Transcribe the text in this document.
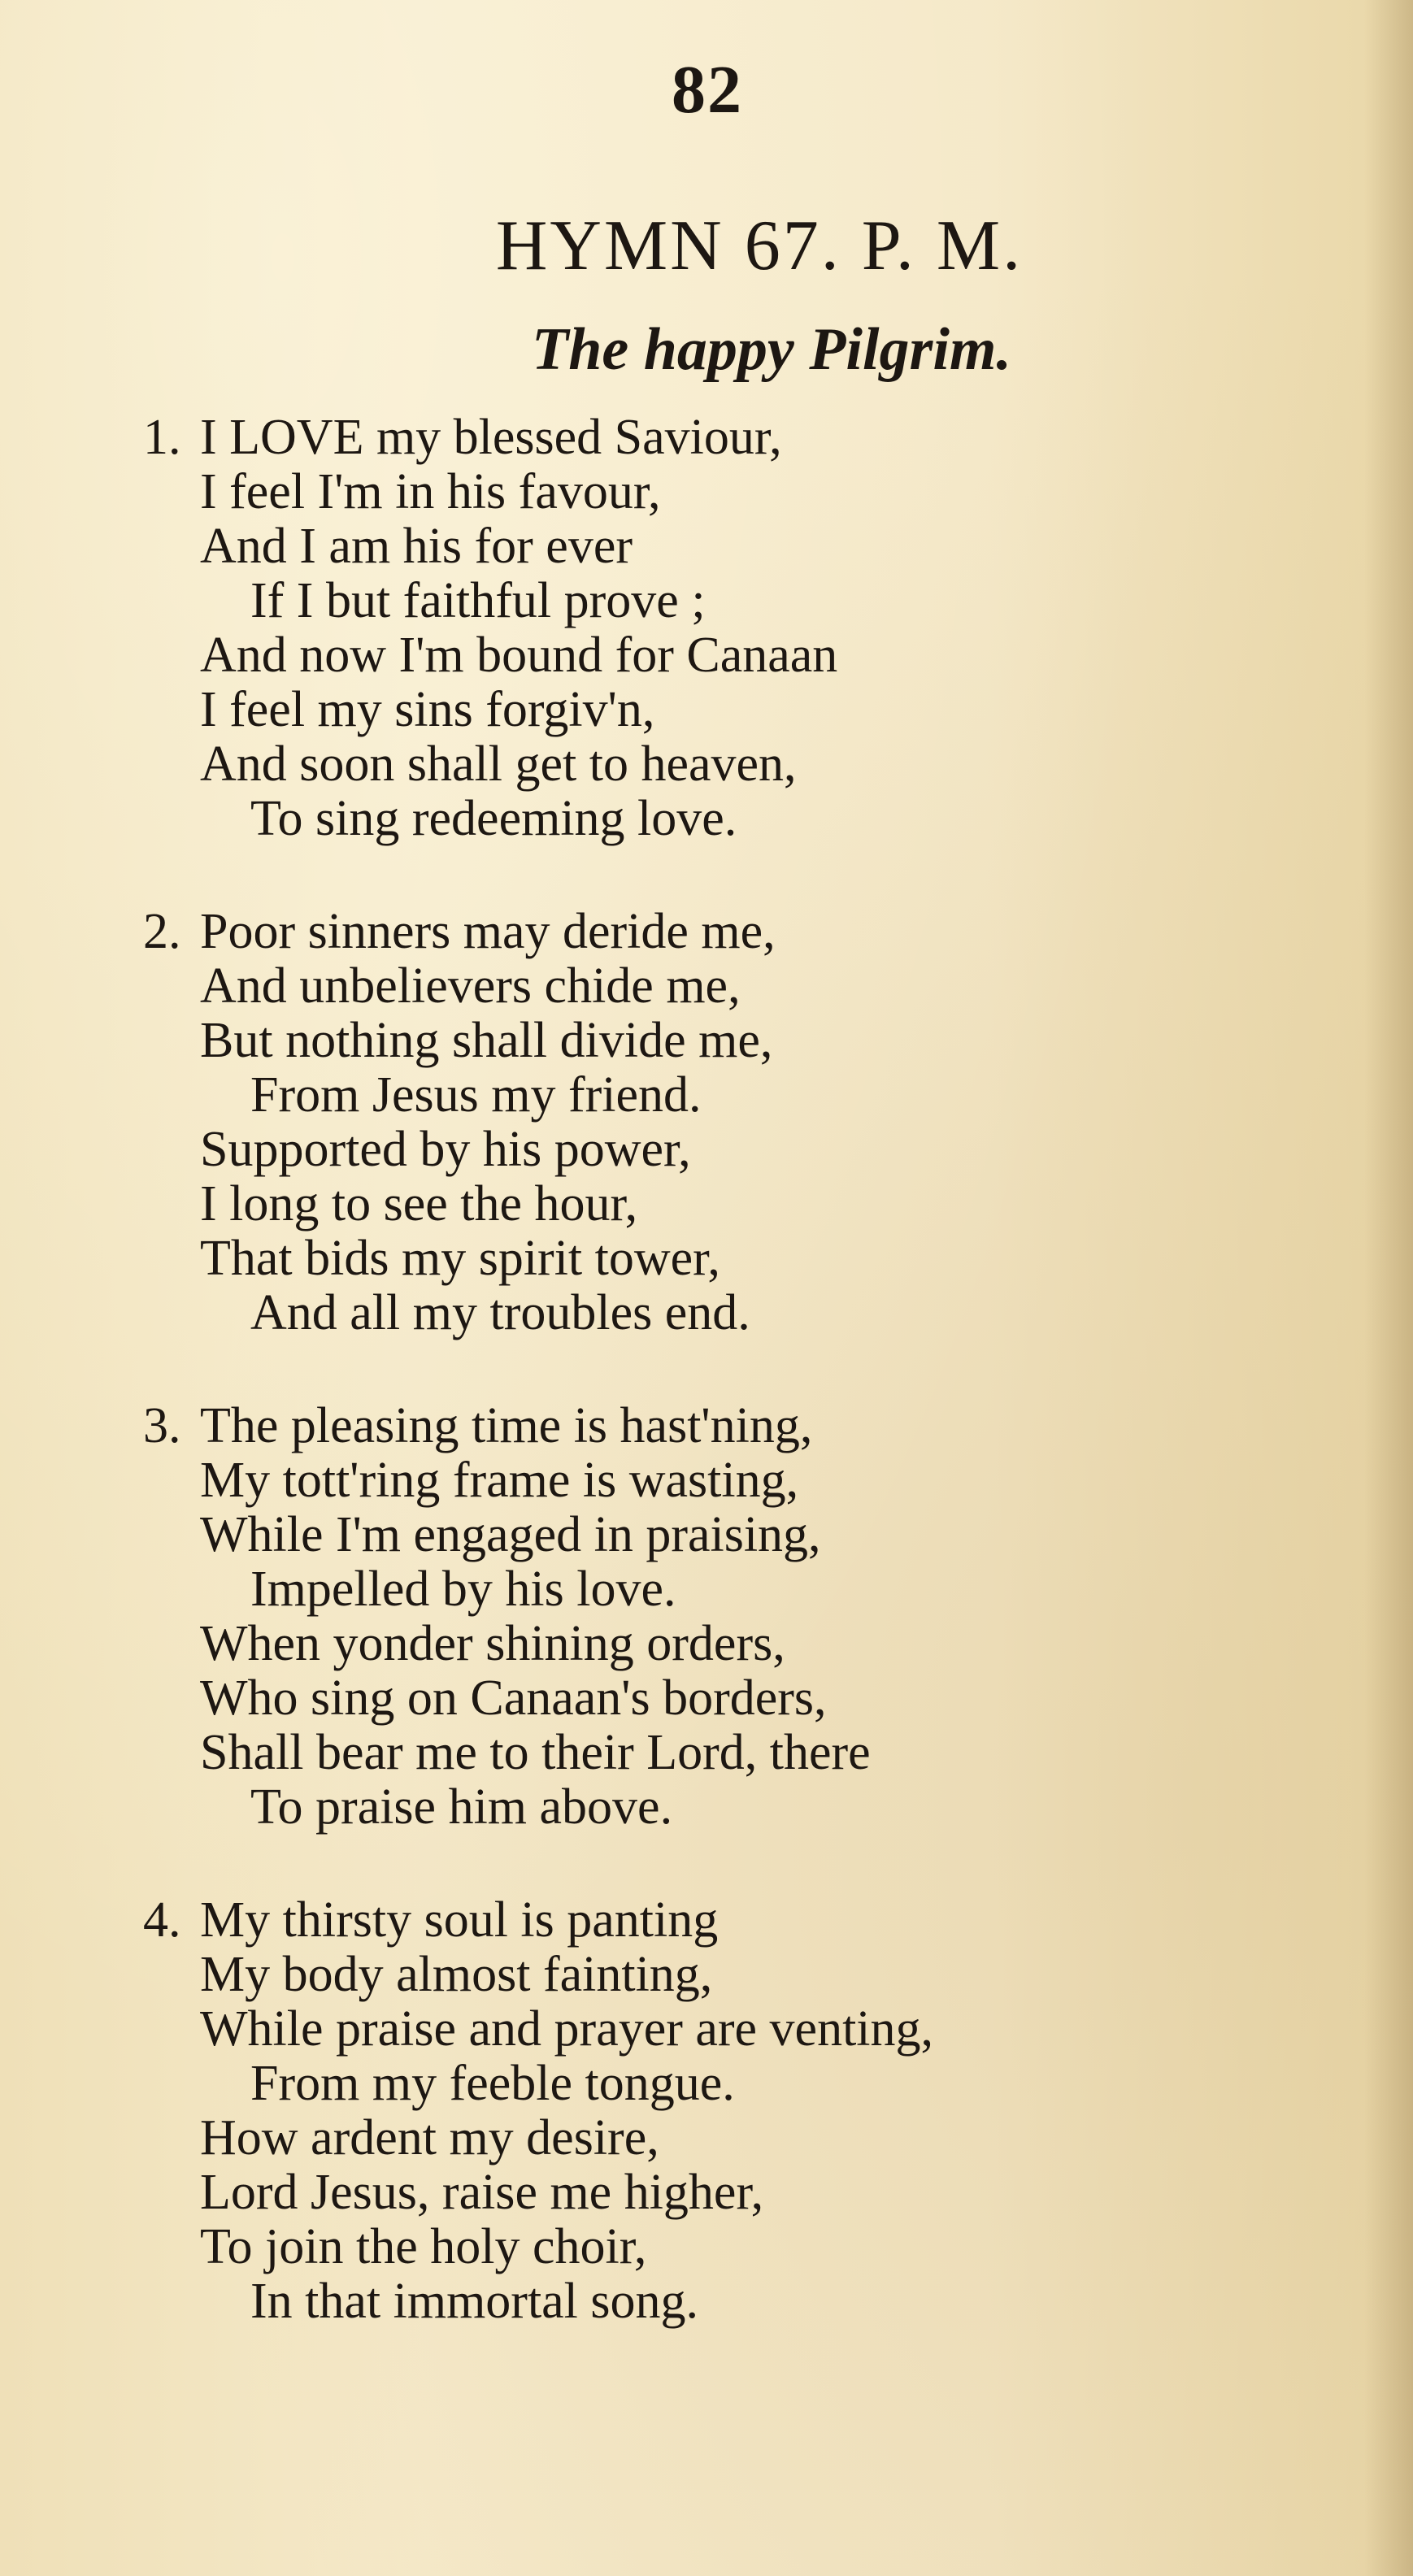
82
HYMN 67. P. M.
The happy Pilgrim.
1. I LOVE my blessed Saviour,
I feel I'm in his favour,
And I am his for ever
If I but faithful prove ;
And now I'm bound for Canaan
I feel my sins forgiv'n,
And soon shall get to heaven,
To sing redeeming love.
2. Poor sinners may deride me,
And unbelievers chide me,
But nothing shall divide me,
From Jesus my friend.
Supported by his power,
I long to see the hour,
That bids my spirit tower,
And all my troubles end.
3. The pleasing time is hast'ning,
My tott'ring frame is wasting,
While I'm engaged in praising,
Impelled by his love.
When yonder shining orders,
Who sing on Canaan's borders,
Shall bear me to their Lord, there
To praise him above.
4. My thirsty soul is panting
My body almost fainting,
While praise and prayer are venting,
From my feeble tongue.
How ardent my desire,
Lord Jesus, raise me higher,
To join the holy choir,
In that immortal song.
